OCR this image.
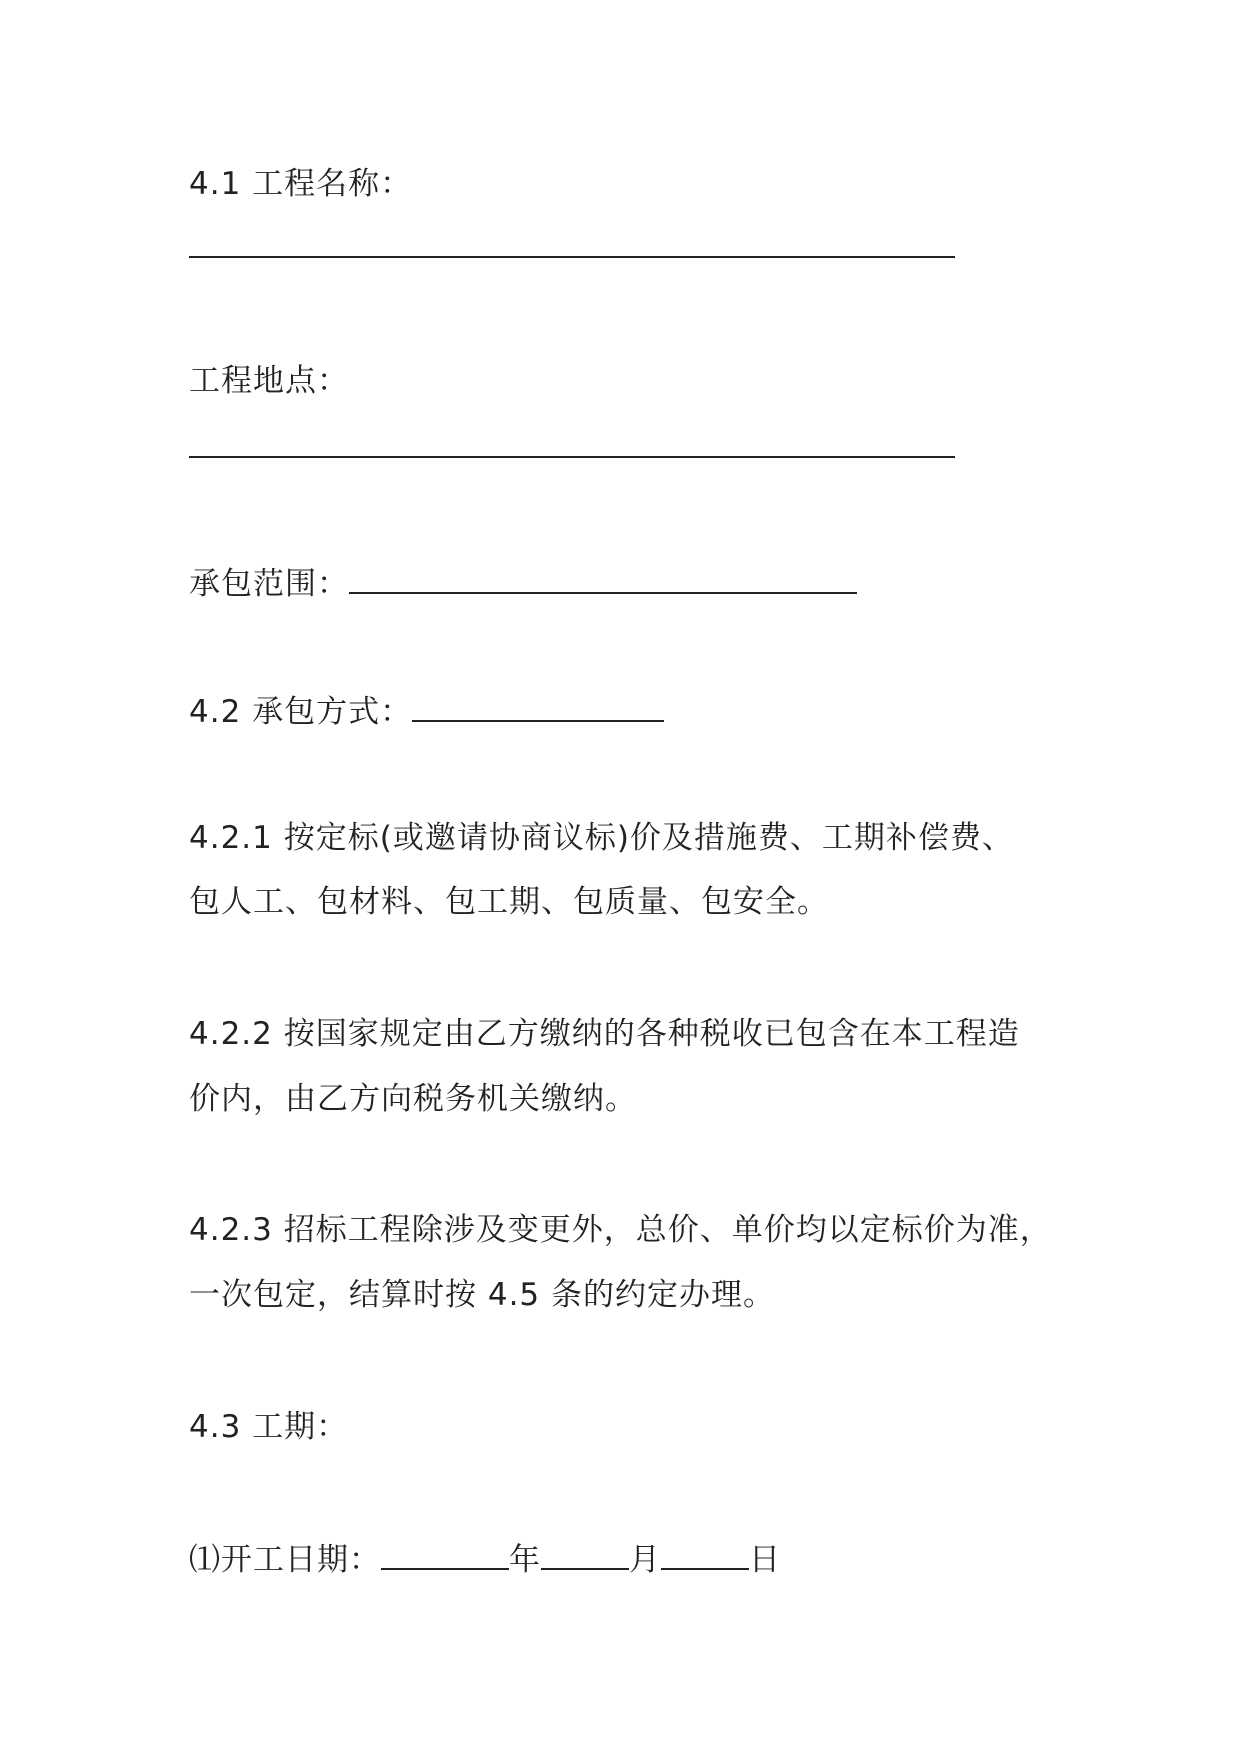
4.1 工程名称：
工程地点：
承包范围：
4.2 承包方式：
4.2.1 按定标(或邀请协商议标)价及措施费、工期补偿费、
包人工、包材料、包工期、包质量、包安全。
4.2.2 按国家规定由乙方缴纳的各种税收已包含在本工程造
价内，由乙方向税务机关缴纳。
4.2.3 招标工程除涉及变更外，总价、单价均以定标价为准，
一次包定，结算时按 4.5 条的约定办理。
4.3 工期：
⑴开工日期：	年	月	日
